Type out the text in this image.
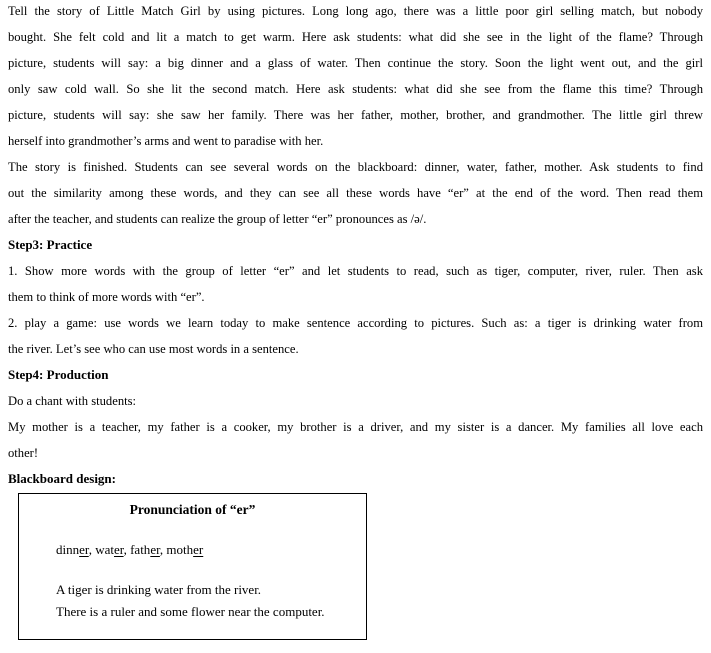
Tell the story of Little Match Girl by using pictures. Long long ago, there was a little poor girl selling match, but nobody
bought. She felt cold and lit a match to get warm. Here ask students: what did she see in the light of the flame? Through
picture, students will say: a big dinner and a glass of water. Then continue the story. Soon the light went out, and the girl
only saw cold wall. So she lit the second match. Here ask students: what did she see from the flame this time? Through
picture, students will say: she saw her family. There was her father, mother, brother, and grandmother. The little girl threw
herself into grandmother’s arms and went to paradise with her.
The story is finished. Students can see several words on the blackboard: dinner, water, father, mother. Ask students to find
out the similarity among these words, and they can see all these words have “er” at the end of the word. Then read them
after the teacher, and students can realize the group of letter “er” pronounces as /ə/.
Step3: Practice
1. Show more words with the group of letter “er” and let students to read, such as tiger, computer, river, ruler. Then ask
them to think of more words with “er”.
2. play a game: use words we learn today to make sentence according to pictures. Such as: a tiger is drinking water from
the river. Let’s see who can use most words in a sentence.
Step4: Production
Do a chant with students:
My mother is a teacher, my father is a cooker, my brother is a driver, and my sister is a dancer. My families all love each
other!
Blackboard design:
Pronunciation of “er”
dinner, water, father, mother
A tiger is drinking water from the river.
There is a ruler and some flower near the computer.
